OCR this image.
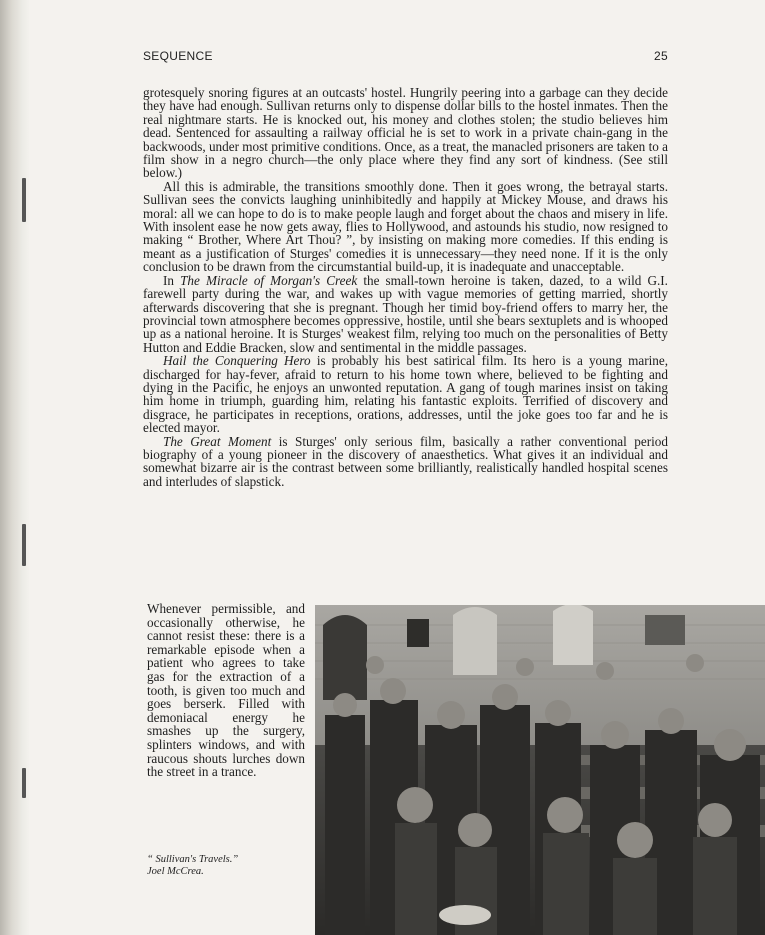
SEQUENCE	25

grotesquely snoring figures at an outcasts' hostel. Hungrily peering into a garbage can they decide they have had enough. Sullivan returns only to dispense dollar bills to the hostel inmates. Then the real nightmare starts. He is knocked out, his money and clothes stolen; the studio believes him dead. Sentenced for assaulting a railway official he is set to work in a private chain-gang in the backwoods, under most primitive conditions. Once, as a treat, the manacled prisoners are taken to a film show in a negro church—the only place where they find any sort of kindness. (See still below.)

All this is admirable, the transitions smoothly done. Then it goes wrong, the betrayal starts. Sullivan sees the convicts laughing uninhibitedly and happily at Mickey Mouse, and draws his moral: all we can hope to do is to make people laugh and forget about the chaos and misery in life. With insolent ease he now gets away, flies to Hollywood, and astounds his studio, now resigned to making “ Brother, Where Art Thou? ”, by insisting on making more comedies. If this ending is meant as a justification of Sturges' comedies it is unnecessary—they need none. If it is the only conclusion to be drawn from the circumstantial build-up, it is inadequate and unacceptable.

In The Miracle of Morgan's Creek the small-town heroine is taken, dazed, to a wild G.I. farewell party during the war, and wakes up with vague memories of getting married, shortly afterwards discovering that she is pregnant. Though her timid boy-friend offers to marry her, the provincial town atmosphere becomes oppressive, hostile, until she bears sextuplets and is whooped up as a national heroine. It is Sturges' weakest film, relying too much on the personalities of Betty Hutton and Eddie Bracken, slow and sentimental in the middle passages.

Hail the Conquering Hero is probably his best satirical film. Its hero is a young marine, discharged for hay-fever, afraid to return to his home town where, believed to be fighting and dying in the Pacific, he enjoys an unwonted reputation. A gang of tough marines insist on taking him home in triumph, guarding him, relating his fantastic exploits. Terrified of discovery and disgrace, he participates in receptions, orations, addresses, until the joke goes too far and he is elected mayor.

The Great Moment is Sturges' only serious film, basically a rather conventional period biography of a young pioneer in the discovery of anaesthetics. What gives it an individual and somewhat bizarre air is the contrast between some brilliantly, realistically handled hospital scenes and interludes of slapstick.

Whenever permissible, and occasionally otherwise, he cannot resist these: there is a remarkable episode when a patient who agrees to take gas for the extraction of a tooth, is given too much and goes berserk. Filled with demoniacal energy he smashes up the surgery, splinters windows, and with raucous shouts lurches down the street in a trance.
“ Sullivan's Travels.”
Joel McCrea.
